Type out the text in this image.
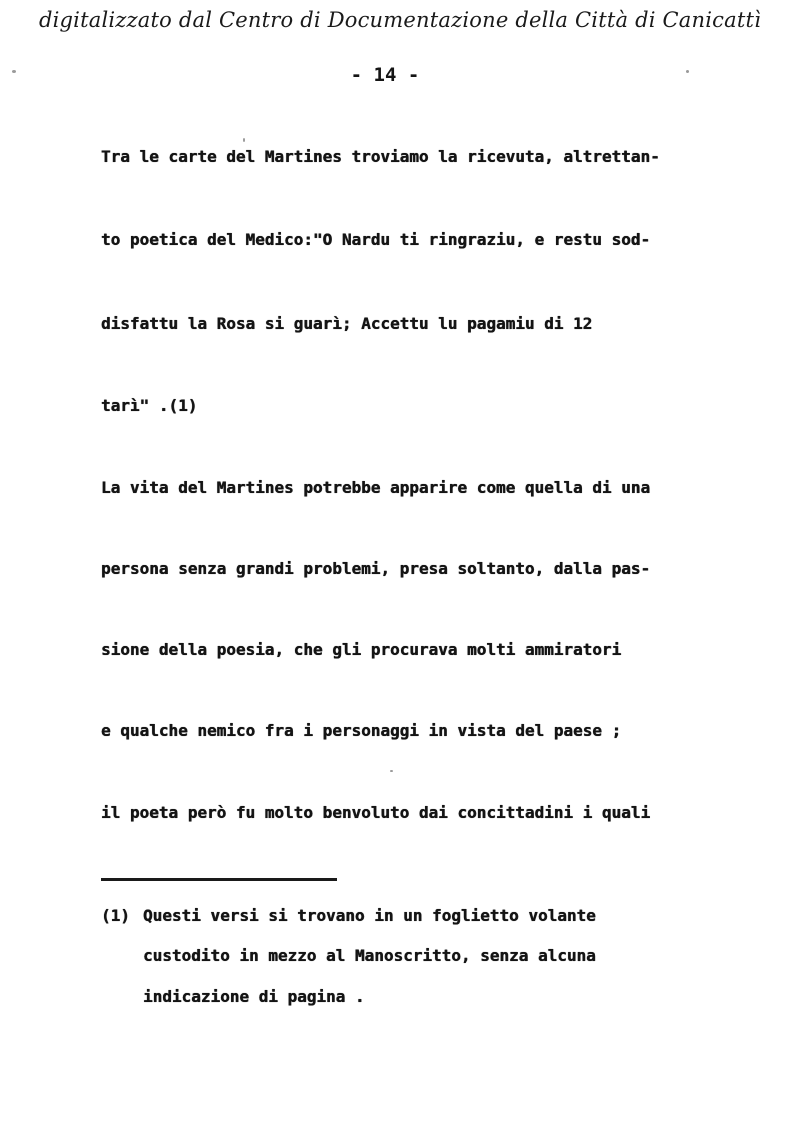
digitalizzato dal Centro di Documentazione della Città di Canicattì
- 14 -
Tra le carte del Martines troviamo la ricevuta, altrettan-
to poetica del Medico:"O Nardu ti ringraziu, e restu sod-
disfattu la Rosa si guarì; Accettu lu pagamiu di 12
tarì" .(1)
La vita del Martines potrebbe apparire come quella di una
persona senza grandi problemi, presa soltanto, dalla pas-
sione della poesia, che gli procurava molti ammiratori
e qualche nemico fra i personaggi in vista del paese ;
il poeta però fu molto benvoluto dai concittadini i quali
(1) Questi versi si trovano in un foglietto volante
custodito in mezzo al Manoscritto, senza alcuna
indicazione di pagina .
